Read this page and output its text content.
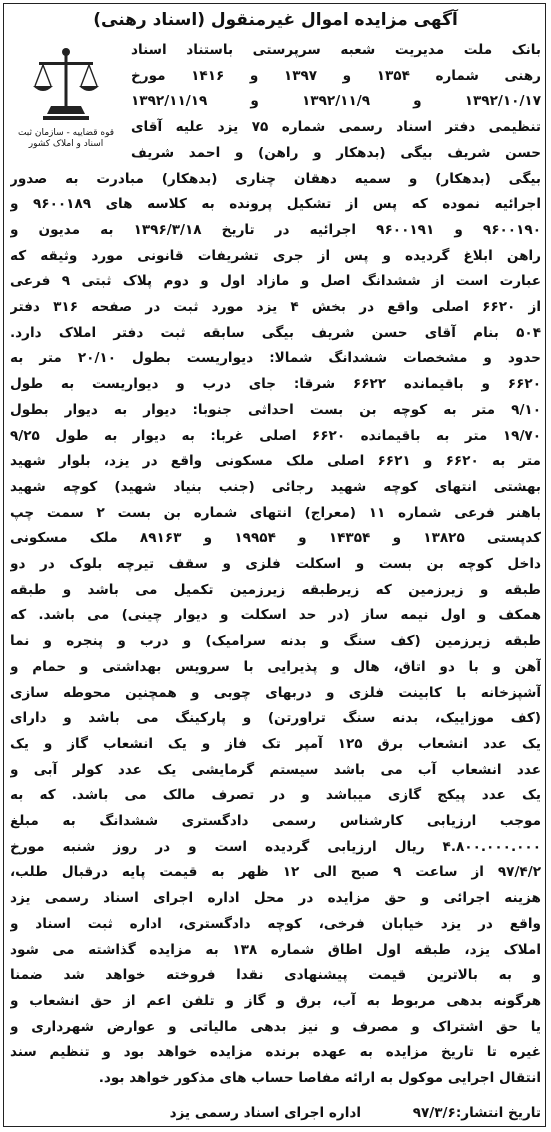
آگهی مزایده اموال غیرمنقول (اسناد رهنی)
قوه قضاییه - سازمان ثبت اسناد و املاک کشور
بانک ملت مدیریت شعبه سرپرستی باستناد اسناد
رهنی شماره ۱۳۵۴ و ۱۳۹۷ و ۱۴۱۶ مورخ
۱۳۹۲/۱۰/۱۷ و ۱۳۹۲/۱۱/۹ و ۱۳۹۲/۱۱/۱۹
تنظیمی دفتر اسناد رسمی شماره ۷۵ یزد علیه آقای
حسن شریف بیگی (بدهکار و راهن) و احمد شریف
بیگی (بدهکار) و سمیه دهقان چناری (بدهکار) مبادرت به صدور
اجرائیه نموده که پس از تشکیل پرونده به کلاسه های ۹۶۰۰۱۸۹ و
۹۶۰۰۱۹۰ و ۹۶۰۰۱۹۱ اجرائیه در تاریخ ۱۳۹۶/۳/۱۸ به مدیون و
راهن ابلاغ گردیده و پس از جری تشریفات قانونی مورد وثیقه که
عبارت است از ششدانگ اصل و مازاد اول و دوم پلاک ثبتی ۹ فرعی
از ۶۶۲۰ اصلی واقع در بخش ۴ یزد مورد ثبت در صفحه ۳۱۶ دفتر
۵۰۴ بنام آقای حسن شریف بیگی سابقه ثبت دفتر املاک دارد.
حدود و مشخصات ششدانگ شمالا: دیواریست بطول ۲۰/۱۰ متر به
۶۶۲۰ و باقیمانده ۶۶۲۲ شرقا: جای درب و دیواریست به طول
۹/۱۰ متر به کوچه بن بست احداثی جنوبا: دیوار به دیوار بطول
۱۹/۷۰ متر به باقیمانده ۶۶۲۰ اصلی غربا: به دیوار به طول ۹/۲۵
متر به ۶۶۲۰ و ۶۶۲۱ اصلی ملک مسکونی واقع در یزد، بلوار شهید
بهشتی انتهای کوچه شهید رجائی (جنب بنیاد شهید) کوچه شهید
باهنر فرعی شماره ۱۱ (معراج) انتهای شماره بن بست ۲ سمت چپ
کدپستی ۱۳۸۲۵ و ۱۴۳۵۴ و ۱۹۹۵۴ و ۸۹۱۶۳ ملک مسکونی
داخل کوچه بن بست و اسکلت فلزی و سقف تیرچه بلوک در دو
طبقه و زیرزمین که زیرطبقه زیرزمین تکمیل می باشد و طبقه
همکف و اول نیمه ساز (در حد اسکلت و دیوار چینی) می باشد. که
طبقه زیرزمین (کف سنگ و بدنه سرامیک) و درب و پنجره و نما
آهن و با دو اتاق، هال و پذیرایی با سرویس بهداشتی و حمام و
آشپزخانه با کابینت فلزی و دربهای چوبی و همچنین محوطه سازی
(کف موزاییک، بدنه سنگ تراورتن) و پارکینگ می باشد و دارای
یک عدد انشعاب برق ۱۲۵ آمپر تک فاز و یک انشعاب گاز و یک
عدد انشعاب آب می باشد سیستم گرمایشی یک عدد کولر آبی و
یک عدد پیکج گازی میباشد و در تصرف مالک می باشد. که به
موجب ارزیابی کارشناس رسمی دادگستری ششدانگ به مبلغ
۴.۸۰۰.۰۰۰.۰۰۰ ریال ارزیابی گردیده است و در روز شنبه مورخ
۹۷/۴/۲ از ساعت ۹ صبح الی ۱۲ ظهر به قیمت پایه درقبال طلب،
هزینه اجرائی و حق مزایده در محل اداره اجرای اسناد رسمی یزد
واقع در یزد خیابان فرخی، کوچه دادگستری، اداره ثبت اسناد و
املاک یزد، طبقه اول اطاق شماره ۱۳۸ به مزایده گذاشته می شود
و به بالاترین قیمت پیشنهادی نقدا فروخته خواهد شد ضمنا
هرگونه بدهی مربوط به آب، برق و گاز و تلفن اعم از حق انشعاب و
یا حق اشتراک و مصرف و نیز بدهی مالیاتی و عوارض شهرداری و
غیره تا تاریخ مزایده به عهده برنده مزایده خواهد بود و تنظیم سند
انتقال اجرایی موکول به ارائه مفاصا حساب های مذکور خواهد بود.
تاریخ انتشار:۹۷/۳/۶
اداره اجرای اسناد رسمی یزد
